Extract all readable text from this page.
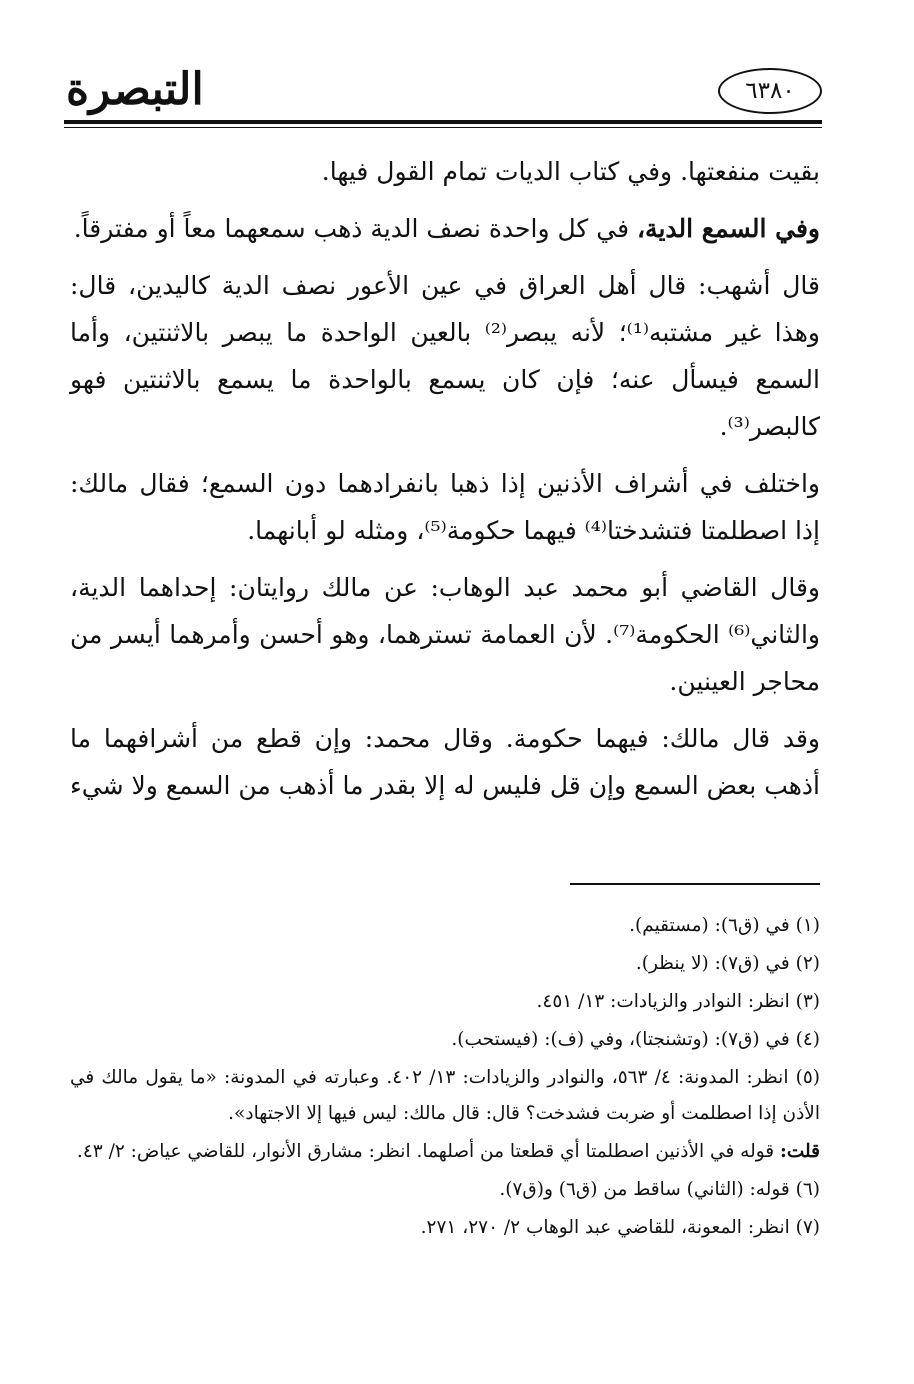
التبصرة	٦٣٨٠

بقيت منفعتها. وفي كتاب الديات تمام القول فيها.

وفي السمع الدية، في كل واحدة نصف الدية ذهب سمعهما معاً أو مفترقاً.

قال أشهب: قال أهل العراق في عين الأعور نصف الدية كاليدين، قال: وهذا غير مشتبه⁽¹⁾؛ لأنه يبصر⁽²⁾ بالعين الواحدة ما يبصر بالاثنتين، وأما السمع فيسأل عنه؛ فإن كان يسمع بالواحدة ما يسمع بالاثنتين فهو كالبصر⁽³⁾.

واختلف في أشراف الأذنين إذا ذهبا بانفرادهما دون السمع؛ فقال مالك: إذا اصطلمتا فتشدختا⁽⁴⁾ فيهما حكومة⁽⁵⁾، ومثله لو أبانهما.

وقال القاضي أبو محمد عبد الوهاب: عن مالك روايتان: إحداهما الدية، والثاني⁽⁶⁾ الحكومة⁽⁷⁾. لأن العمامة تسترهما، وهو أحسن وأمرهما أيسر من محاجر العينين.

وقد قال مالك: فيهما حكومة. وقال محمد: وإن قطع من أشرافهما ما أذهب بعض السمع وإن قل فليس له إلا بقدر ما أذهب من السمع ولا شيء

(١) في (ق٦): (مستقيم).

(٢) في (ق٧): (لا ينظر).

(٣) انظر: النوادر والزيادات: ١٣/ ٤٥١.

(٤) في (ق٧): (وتشنجتا)، وفي (ف): (فيستحب).

(٥) انظر: المدونة: ٤/ ٥٦٣، والنوادر والزيادات: ١٣/ ٤٠٢. وعبارته في المدونة: «ما يقول مالك في الأذن إذا اصطلمت أو ضربت فشدخت؟ قال: قال مالك: ليس فيها إلا الاجتهاد».

قلت: قوله في الأذنين اصطلمتا أي قطعتا من أصلهما. انظر: مشارق الأنوار، للقاضي عياض: ٢/ ٤٣.

(٦) قوله: (الثاني) ساقط من (ق٦) و(ق٧).

(٧) انظر: المعونة، للقاضي عبد الوهاب ٢/ ٢٧٠، ٢٧١.
